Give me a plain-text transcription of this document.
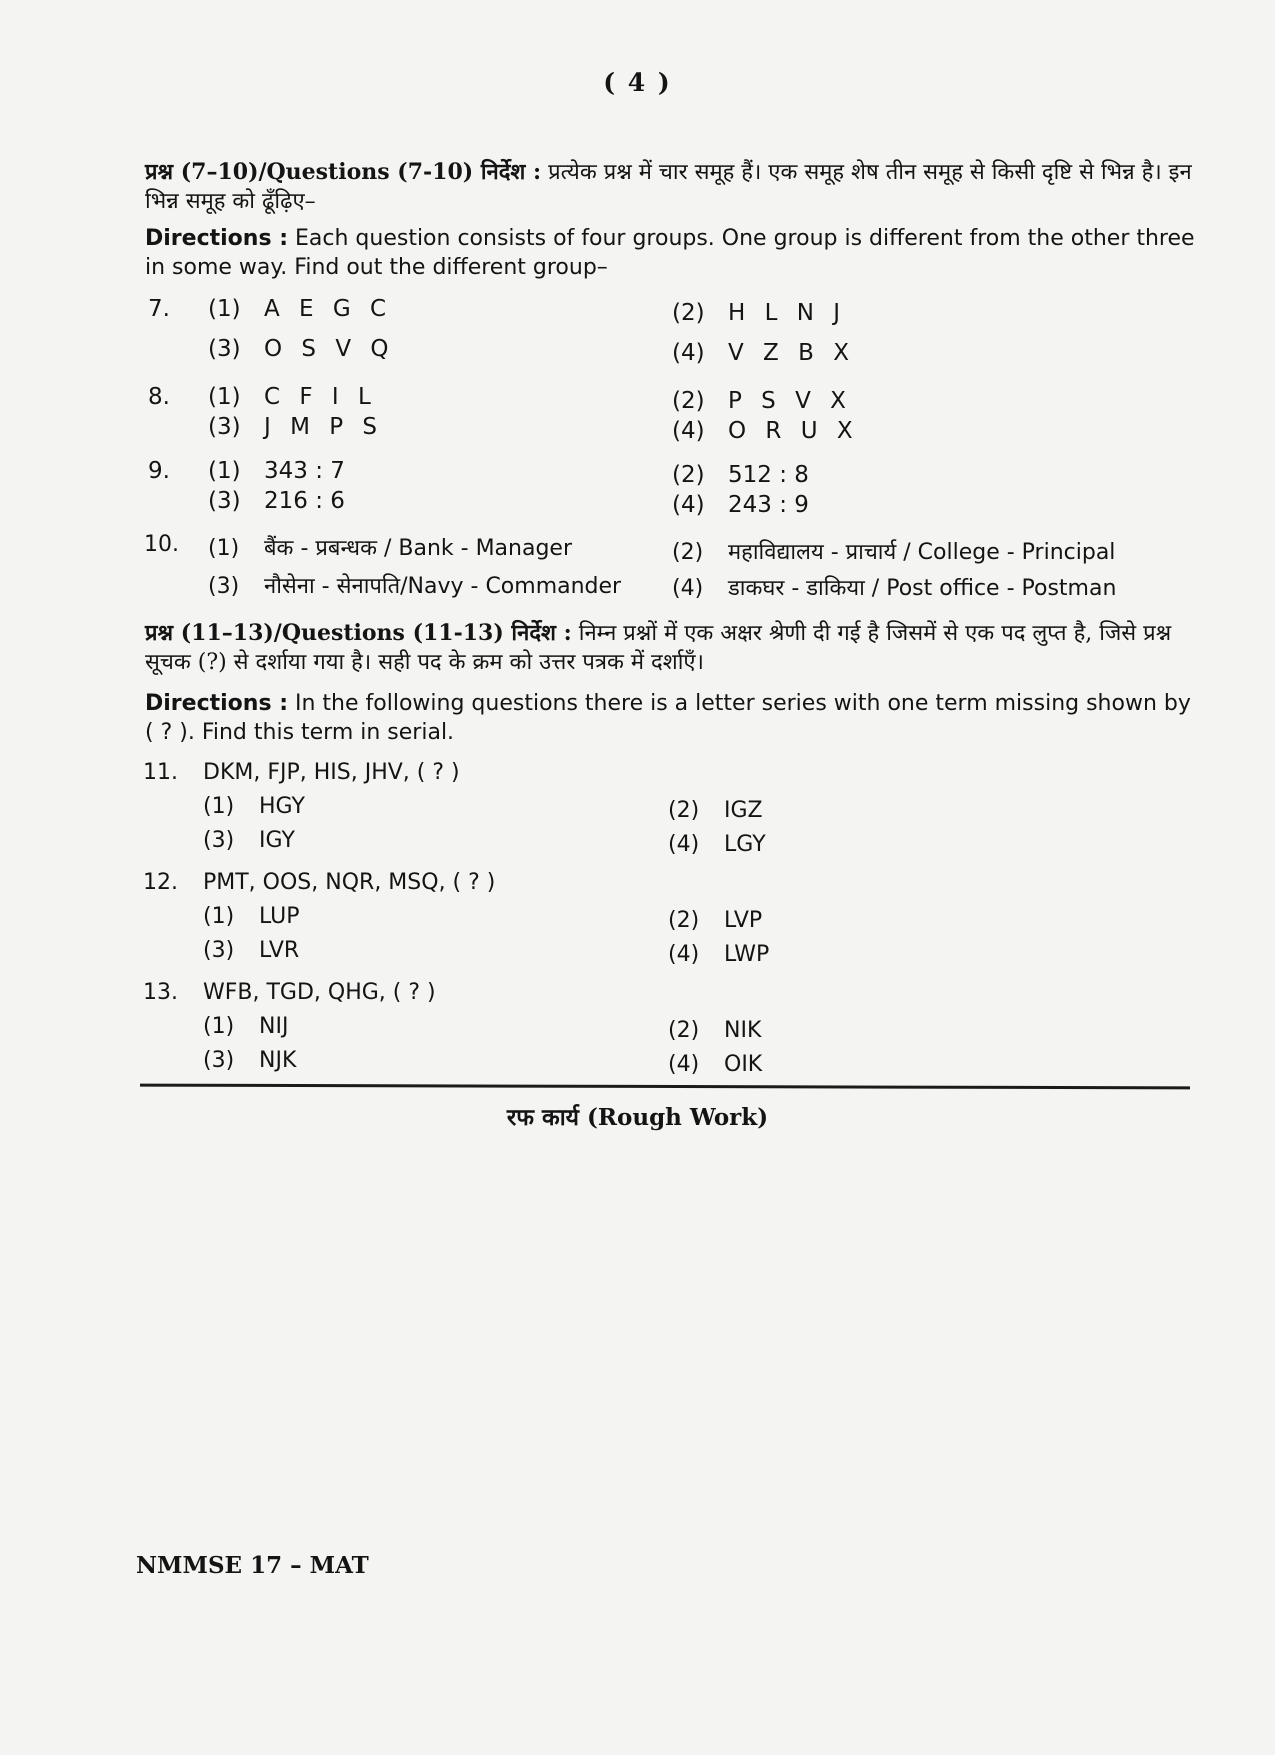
( 4 )
प्रश्न (7–10)/Questions (7-10) निर्देश : प्रत्येक प्रश्न में चार समूह हैं। एक समूह शेष तीन समूह से किसी दृष्टि से भिन्न है। इन भिन्न समूह को ढूँढ़िए–
Directions : Each question consists of four groups. One group is different from the other three in some way. Find out the different group–
7. (1) A E G C	(2) H L N J
(3) O S V Q	(4) V Z B X
8. (1) C F I L	(2) P S V X
(3) J M P S	(4) O R U X
9. (1) 343 : 7	(2) 512 : 8
(3) 216 : 6	(4) 243 : 9
10. (1) बैंक - प्रबन्धक / Bank - Manager	(2) महाविद्यालय - प्राचार्य / College - Principal
(3) नौसेना - सेनापति/Navy - Commander (4) डाकघर - डाकिया / Post office - Postman
प्रश्न (11–13)/Questions (11-13) निर्देश : निम्न प्रश्नों में एक अक्षर श्रेणी दी गई है जिसमें से एक पद लुप्त है, जिसे प्रश्न सूचक (?) से दर्शाया गया है। सही पद के क्रम को उत्तर पत्रक में दर्शाएँ।
Directions : In the following questions there is a letter series with one term missing shown by ( ? ). Find this term in serial.
11. DKM, FJP, HIS, JHV, ( ? )
(1) HGY	(2) IGZ
(3) IGY	(4) LGY
12. PMT, OOS, NQR, MSQ, ( ? )
(1) LUP	(2) LVP
(3) LVR	(4) LWP
13. WFB, TGD, QHG, ( ? )
(1) NIJ	(2) NIK
(3) NJK	(4) OIK
रफ कार्य (Rough Work)
NMMSE 17 – MAT
